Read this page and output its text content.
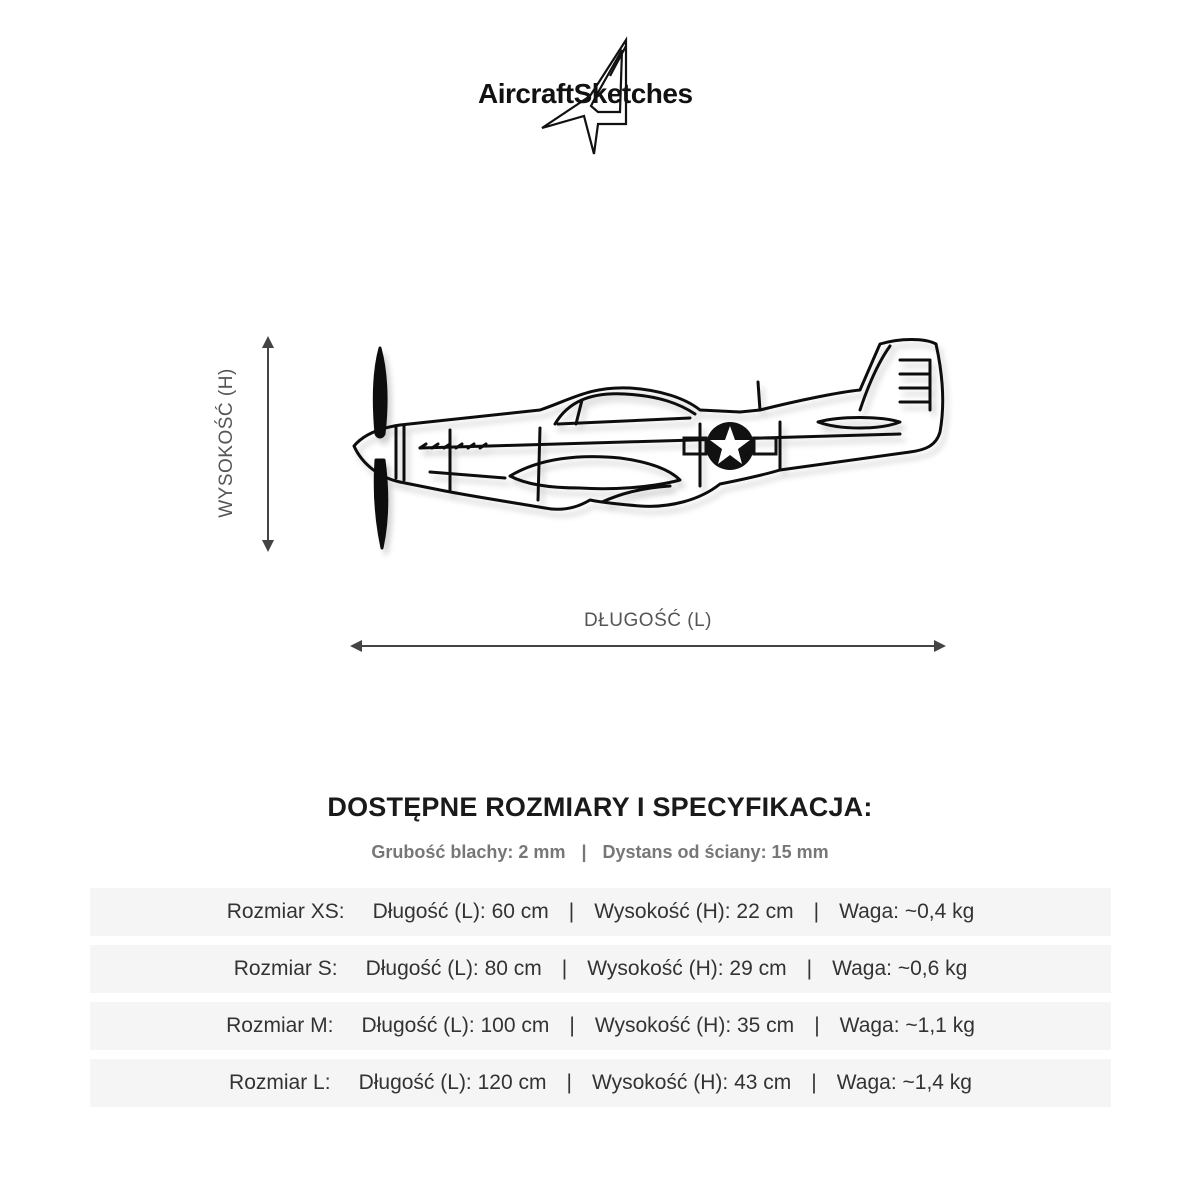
AircraftSketches
WYSOKOŚĆ (H)
DŁUGOŚĆ (L)
DOSTĘPNE ROZMIARY I SPECYFIKACJA:
Grubość blachy: 2 mm | Dystans od ściany: 15 mm
Rozmiar XS: Długość (L): 60 cm | Wysokość (H): 22 cm | Waga: ~0,4 kg
Rozmiar S: Długość (L): 80 cm | Wysokość (H): 29 cm | Waga: ~0,6 kg
Rozmiar M: Długość (L): 100 cm | Wysokość (H): 35 cm | Waga: ~1,1 kg
Rozmiar L: Długość (L): 120 cm | Wysokość (H): 43 cm | Waga: ~1,4 kg
